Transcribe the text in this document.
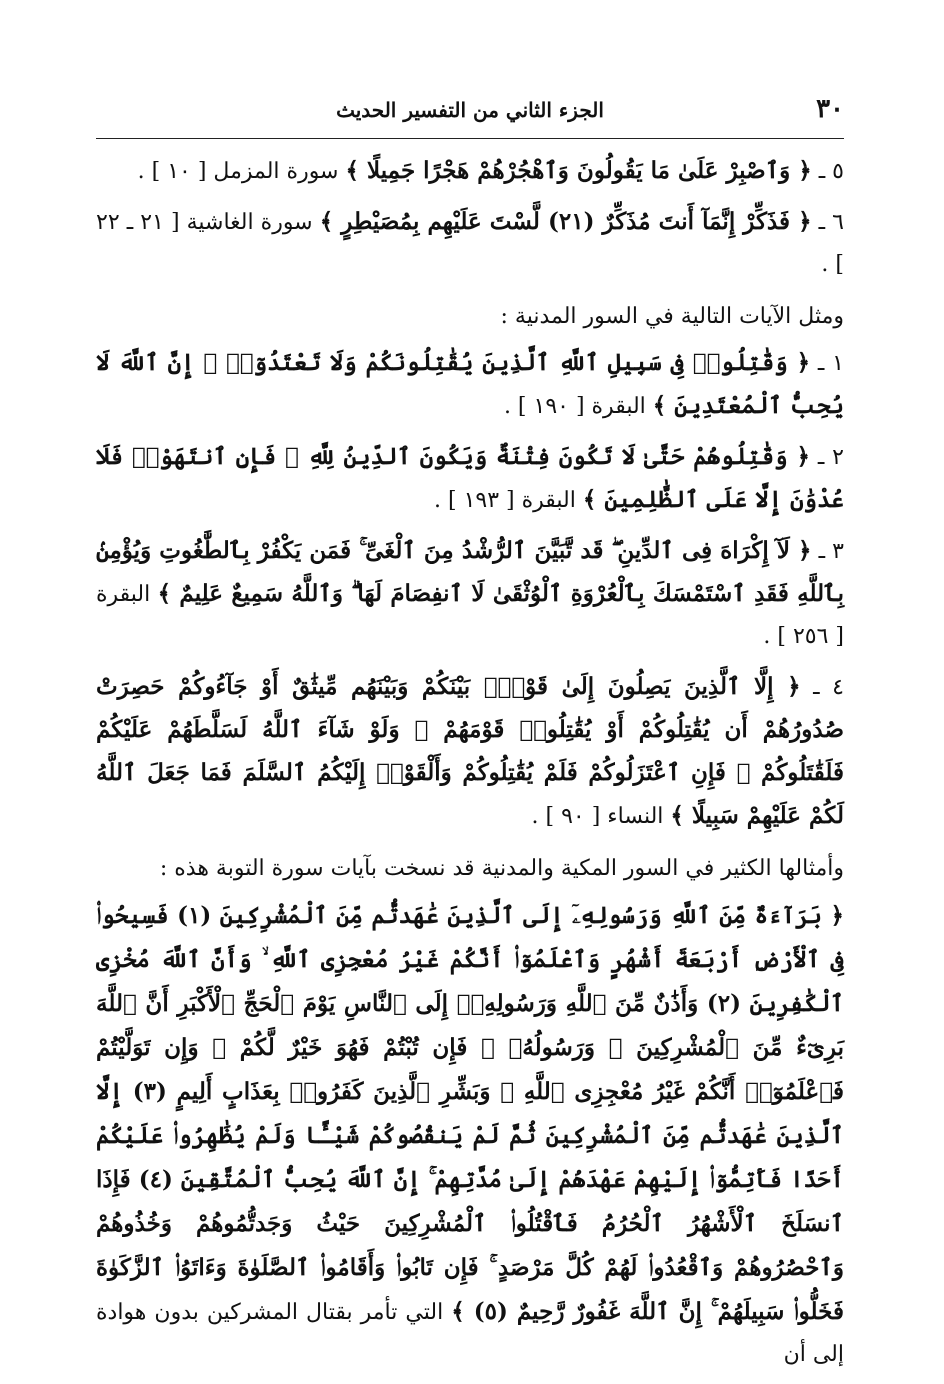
٣٠
الجزء الثاني من التفسير الحديث

٥ ـ ﴿ وَٱصْبِرْ عَلَىٰ مَا يَقُولُونَ وَٱهْجُرْهُمْ هَجْرًا جَمِيلًا ﴾ سورة المزمل [ ١٠ ] .

٦ ـ ﴿ فَذَكِّرْ إِنَّمَآ أَنتَ مُذَكِّرٌ (٢١) لَّسْتَ عَلَيْهِم بِمُصَيْطِرٍ ﴾ سورة الغاشية [ ٢١ ـ ٢٢ ] .

ومثل الآيات التالية في السور المدنية :

١ ـ ﴿ وَقَٰتِلُوا۟ فِى سَبِيلِ ٱللَّهِ ٱلَّذِينَ يُقَٰتِلُونَكُمْ وَلَا تَعْتَدُوٓا۟ ۚ إِنَّ ٱللَّهَ لَا يُحِبُّ ٱلْمُعْتَدِينَ ﴾ البقرة [ ١٩٠ ] .

٢ ـ ﴿ وَقَٰتِلُوهُمْ حَتَّىٰ لَا تَكُونَ فِتْنَةٌ وَيَكُونَ ٱلدِّينُ لِلَّهِ ۖ فَإِنِ ٱنتَهَوْا۟ فَلَا عُدْوَٰنَ إِلَّا عَلَى ٱلظَّٰلِمِينَ ﴾ البقرة [ ١٩٣ ] .

٣ ـ ﴿ لَآ إِكْرَاهَ فِى ٱلدِّينِ ۖ قَد تَّبَيَّنَ ٱلرُّشْدُ مِنَ ٱلْغَىِّ ۚ فَمَن يَكْفُرْ بِٱلطَّٰغُوتِ وَيُؤْمِنۢ بِٱللَّهِ فَقَدِ ٱسْتَمْسَكَ بِٱلْعُرْوَةِ ٱلْوُثْقَىٰ لَا ٱنفِصَامَ لَهَا ۗ وَٱللَّهُ سَمِيعٌ عَلِيمٌ ﴾ البقرة [ ٢٥٦ ] .

٤ ـ ﴿ إِلَّا ٱلَّذِينَ يَصِلُونَ إِلَىٰ قَوْمٍۭ بَيْنَكُمْ وَبَيْنَهُم مِّيثَٰقٌ أَوْ جَآءُوكُمْ حَصِرَتْ صُدُورُهُمْ أَن يُقَٰتِلُوكُمْ أَوْ يُقَٰتِلُوا۟ قَوْمَهُمْ ۚ وَلَوْ شَآءَ ٱللَّهُ لَسَلَّطَهُمْ عَلَيْكُمْ فَلَقَٰتَلُوكُمْ ۚ فَإِنِ ٱعْتَزَلُوكُمْ فَلَمْ يُقَٰتِلُوكُمْ وَأَلْقَوْا۟ إِلَيْكُمُ ٱلسَّلَمَ فَمَا جَعَلَ ٱللَّهُ لَكُمْ عَلَيْهِمْ سَبِيلًا ﴾ النساء [ ٩٠ ] .

وأمثالها الكثير في السور المكية والمدنية قد نسخت بآيات سورة التوبة هذه :

﴿ بَرَآءَةٌ مِّنَ ٱللَّهِ وَرَسُولِهِۦٓ إِلَى ٱلَّذِينَ عَٰهَدتُّم مِّنَ ٱلْمُشْرِكِينَ (١) فَسِيحُوا۟ فِى ٱلْأَرْضِ أَرْبَعَةَ أَشْهُرٍ وَٱعْلَمُوٓا۟ أَنَّكُمْ غَيْرُ مُعْجِزِى ٱللَّهِ ۙ وَأَنَّ ٱللَّهَ مُخْزِى ٱلْكَٰفِرِينَ (٢) وَأَذَٰنٌ مِّنَ ٱللَّهِ وَرَسُولِهِۦٓ إِلَى ٱلنَّاسِ يَوْمَ ٱلْحَجِّ ٱلْأَكْبَرِ أَنَّ ٱللَّهَ بَرِىٓءٌ مِّنَ ٱلْمُشْرِكِينَ ۙ وَرَسُولُهُۥ ۚ فَإِن تُبْتُمْ فَهُوَ خَيْرٌ لَّكُمْ ۖ وَإِن تَوَلَّيْتُمْ فَٱعْلَمُوٓا۟ أَنَّكُمْ غَيْرُ مُعْجِزِى ٱللَّهِ ۗ وَبَشِّرِ ٱلَّذِينَ كَفَرُوا۟ بِعَذَابٍ أَلِيمٍ (٣) إِلَّا ٱلَّذِينَ عَٰهَدتُّم مِّنَ ٱلْمُشْرِكِينَ ثُمَّ لَمْ يَنقُصُوكُمْ شَيْـًٔا وَلَمْ يُظَٰهِرُوا۟ عَلَيْكُمْ أَحَدًا فَأَتِمُّوٓا۟ إِلَيْهِمْ عَهْدَهُمْ إِلَىٰ مُدَّتِهِمْ ۚ إِنَّ ٱللَّهَ يُحِبُّ ٱلْمُتَّقِينَ (٤) فَإِذَا ٱنسَلَخَ ٱلْأَشْهُرُ ٱلْحُرُمُ فَٱقْتُلُوا۟ ٱلْمُشْرِكِينَ حَيْثُ وَجَدتُّمُوهُمْ وَخُذُوهُمْ وَٱحْصُرُوهُمْ وَٱقْعُدُوا۟ لَهُمْ كُلَّ مَرْصَدٍ ۚ فَإِن تَابُوا۟ وَأَقَامُوا۟ ٱلصَّلَوٰةَ وَءَاتَوُا۟ ٱلزَّكَوٰةَ فَخَلُّوا۟ سَبِيلَهُمْ ۚ إِنَّ ٱللَّهَ غَفُورٌ رَّحِيمٌ (٥) ﴾ التي تأمر بقتال المشركين بدون هوادة إلى أن
